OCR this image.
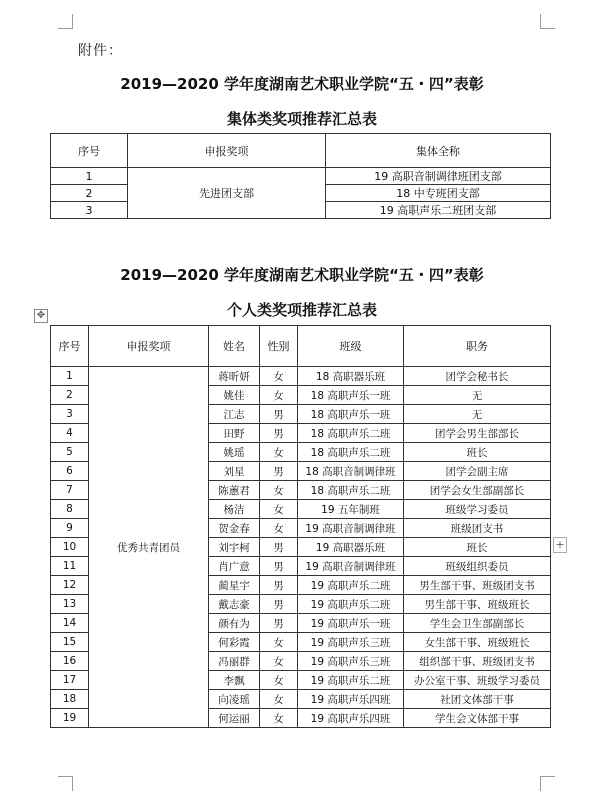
附件：
2019—2020 学年度湖南艺术职业学院“五・四”表彰
集体类奖项推荐汇总表
序号	申报奖项	集体全称
1	先进团支部	19 高职音制调律班团支部
2		18 中专班团支部
3		19 高职声乐二班团支部
2019—2020 学年度湖南艺术职业学院“五・四”表彰
个人类奖项推荐汇总表
✥
+
序号	申报奖项	姓名	性别	班级	职务
1	优秀共青团员	蒋昕妍	女	18 高职器乐班	团学会秘书长
2		姚佳	女	18 高职声乐一班	无
3		江志	男	18 高职声乐一班	无
4		田野	男	18 高职声乐二班	团学会男生部部长
5		姚瑶	女	18 高职声乐二班	班长
6		刘星	男	18 高职音制调律班	团学会副主席
7		陈蕙君	女	18 高职声乐二班	团学会女生部副部长
8		杨洁	女	19 五年制班	班级学习委员
9		贺金春	女	19 高职音制调律班	班级团支书
10		刘宇柯	男	19 高职器乐班	班长
11		肖广意	男	19 高职音制调律班	班级组织委员
12		蔺星宇	男	19 高职声乐二班	男生部干事、班级团支书
13		戴志豪	男	19 高职声乐二班	男生部干事、班级班长
14		颜有为	男	19 高职声乐一班	学生会卫生部副部长
15		何彩霞	女	19 高职声乐三班	女生部干事、班级班长
16		冯丽群	女	19 高职声乐三班	组织部干事、班级团支书
17		李飘	女	19 高职声乐二班	办公室干事、班级学习委员
18		向凌瑶	女	19 高职声乐四班	社团文体部干事
19		何运丽	女	19 高职声乐四班	学生会文体部干事
